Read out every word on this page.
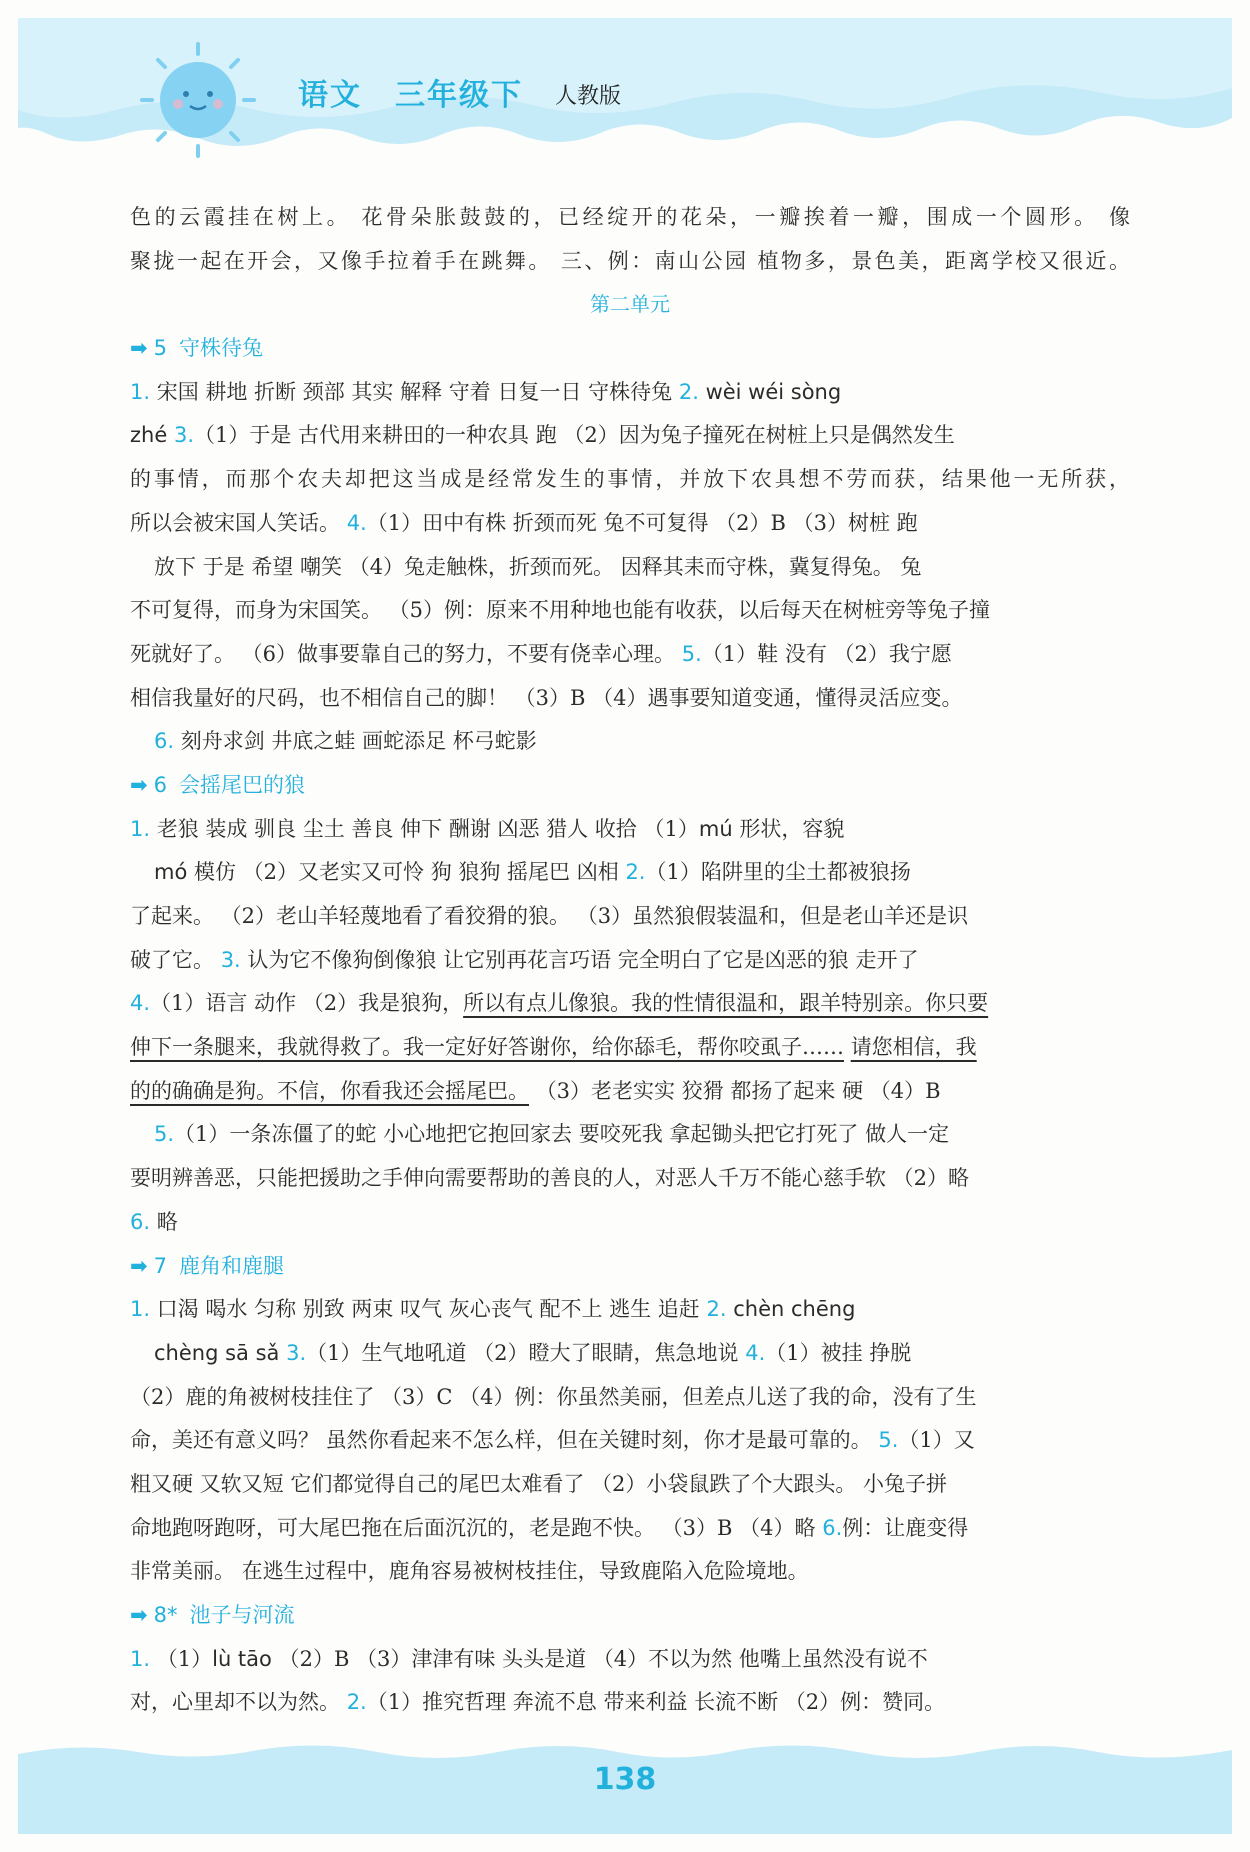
语文 三年级下 人教版
色的云霞挂在树上。 花骨朵胀鼓鼓的，已经绽开的花朵，一瓣挨着一瓣，围成一个圆形。 像
聚拢一起在开会，又像手拉着手在跳舞。 三、例：南山公园 植物多，景色美，距离学校又很近。
第二单元
➡ 5 守株待兔
1. 宋国 耕地 折断 颈部 其实 解释 守着 日复一日 守株待兔 2. wèi wéi sòng
zhé 3.（1）于是 古代用来耕田的一种农具 跑 （2）因为兔子撞死在树桩上只是偶然发生
的事情，而那个农夫却把这当成是经常发生的事情，并放下农具想不劳而获，结果他一无所获，
所以会被宋国人笑话。 4.（1）田中有株 折颈而死 兔不可复得 （2）B （3）树桩 跑
放下 于是 希望 嘲笑 （4）兔走触株，折颈而死。 因释其耒而守株，冀复得兔。 兔
不可复得，而身为宋国笑。 （5）例：原来不用种地也能有收获，以后每天在树桩旁等兔子撞
死就好了。 （6）做事要靠自己的努力，不要有侥幸心理。 5.（1）鞋 没有 （2）我宁愿
相信我量好的尺码，也不相信自己的脚！ （3）B （4）遇事要知道变通，懂得灵活应变。
6. 刻舟求剑 井底之蛙 画蛇添足 杯弓蛇影
➡ 6 会摇尾巴的狼
1. 老狼 装成 驯良 尘土 善良 伸下 酬谢 凶恶 猎人 收拾 （1）mú 形状，容貌
mó 模仿 （2）又老实又可怜 狗 狼狗 摇尾巴 凶相 2.（1）陷阱里的尘土都被狼扬
了起来。 （2）老山羊轻蔑地看了看狡猾的狼。 （3）虽然狼假装温和，但是老山羊还是识
破了它。 3. 认为它不像狗倒像狼 让它别再花言巧语 完全明白了它是凶恶的狼 走开了
4.（1）语言 动作 （2）我是狼狗，所以有点儿像狼。我的性情很温和，跟羊特别亲。你只要
伸下一条腿来，我就得救了。我一定好好答谢你，给你舔毛，帮你咬虱子…… 请您相信，我
的的确确是狗。不信，你看我还会摇尾巴。 （3）老老实实 狡猾 都扬了起来 硬 （4）B
5.（1）一条冻僵了的蛇 小心地把它抱回家去 要咬死我 拿起锄头把它打死了 做人一定
要明辨善恶，只能把援助之手伸向需要帮助的善良的人，对恶人千万不能心慈手软 （2）略
6. 略
➡ 7 鹿角和鹿腿
1. 口渴 喝水 匀称 别致 两束 叹气 灰心丧气 配不上 逃生 追赶 2. chèn chēng
chèng sā sǎ 3.（1）生气地吼道 （2）瞪大了眼睛，焦急地说 4.（1）被挂 挣脱
（2）鹿的角被树枝挂住了 （3）C （4）例：你虽然美丽，但差点儿送了我的命，没有了生
命，美还有意义吗？ 虽然你看起来不怎么样，但在关键时刻，你才是最可靠的。 5.（1）又
粗又硬 又软又短 它们都觉得自己的尾巴太难看了 （2）小袋鼠跌了个大跟头。 小兔子拼
命地跑呀跑呀，可大尾巴拖在后面沉沉的，老是跑不快。 （3）B （4）略 6.例：让鹿变得
非常美丽。 在逃生过程中，鹿角容易被树枝挂住，导致鹿陷入危险境地。
➡ 8* 池子与河流
1. （1）lù tāo （2）B （3）津津有味 头头是道 （4）不以为然 他嘴上虽然没有说不
对，心里却不以为然。 2.（1）推究哲理 奔流不息 带来利益 长流不断 （2）例：赞同。
138
